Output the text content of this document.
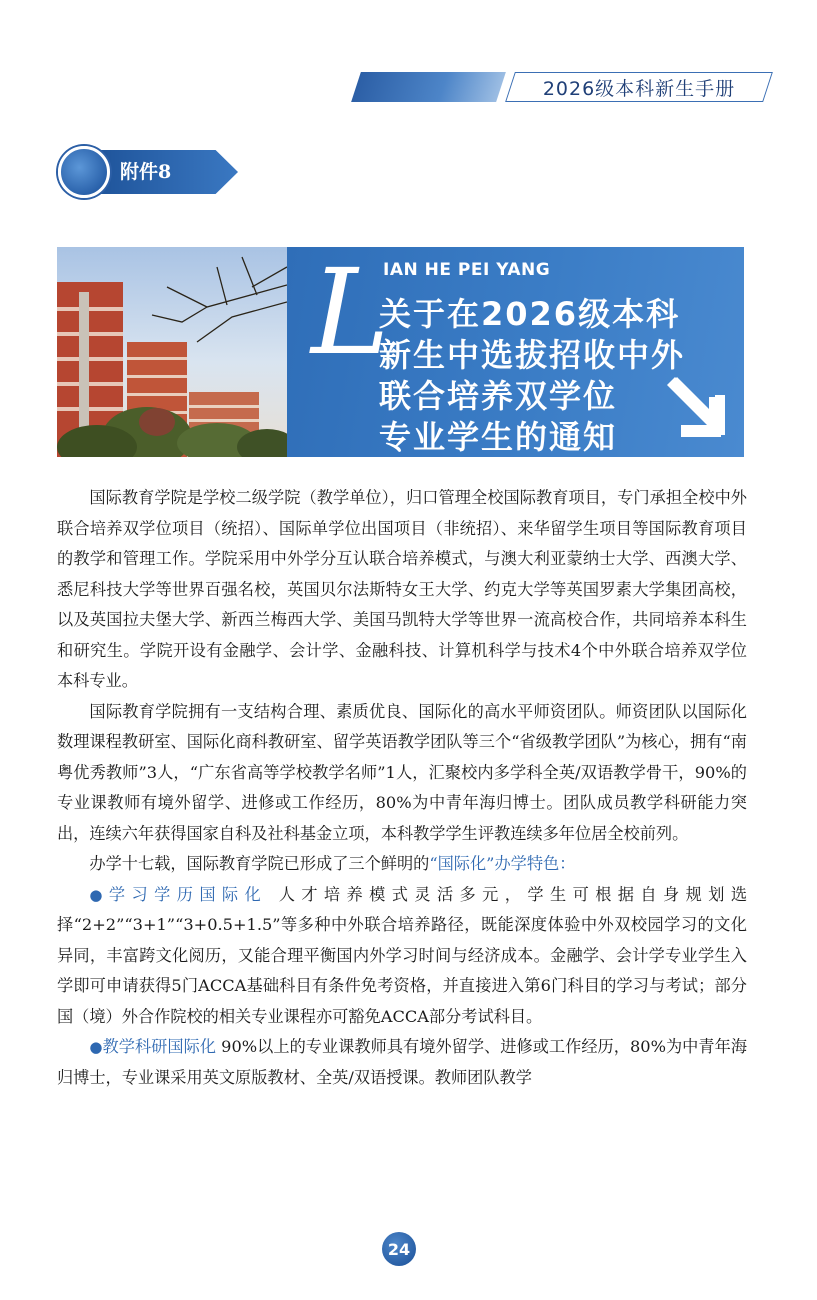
2026级本科新生手册
附件8
L
IAN HE PEI YANG
关于在2026级本科
新生中选拔招收中外
联合培养双学位
专业学生的通知

国际教育学院是学校二级学院（教学单位），归口管理全校国际教育项目，专门承担全校中外联合培养双学位项目（统招）、国际单学位出国项目（非统招）、来华留学生项目等国际教育项目的教学和管理工作。学院采用中外学分互认联合培养模式，与澳大利亚蒙纳士大学、西澳大学、悉尼科技大学等世界百强名校，英国贝尔法斯特女王大学、约克大学等英国罗素大学集团高校，以及英国拉夫堡大学、新西兰梅西大学、美国马凯特大学等世界一流高校合作，共同培养本科生和研究生。学院开设有金融学、会计学、金融科技、计算机科学与技术4个中外联合培养双学位本科专业。

国际教育学院拥有一支结构合理、素质优良、国际化的高水平师资团队。师资团队以国际化数理课程教研室、国际化商科教研室、留学英语教学团队等三个“省级教学团队”为核心，拥有“南粤优秀教师”3人，“广东省高等学校教学名师”1人，汇聚校内多学科全英/双语教学骨干，90%的专业课教师有境外留学、进修或工作经历，80%为中青年海归博士。团队成员教学科研能力突出，连续六年获得国家自科及社科基金立项，本科教学学生评教连续多年位居全校前列。

办学十七载，国际教育学院已形成了三个鲜明的“国际化”办学特色：

●学习学历国际化 人才培养模式灵活多元，学生可根据自身规划选择“2+2”“3+1”“3+0.5+1.5”等多种中外联合培养路径，既能深度体验中外双校园学习的文化异同，丰富跨文化阅历，又能合理平衡国内外学习时间与经济成本。金融学、会计学专业学生入学即可申请获得5门ACCA基础科目有条件免考资格，并直接进入第6门科目的学习与考试；部分国（境）外合作院校的相关专业课程亦可豁免ACCA部分考试科目。

●教学科研国际化 90%以上的专业课教师具有境外留学、进修或工作经历，80%为中青年海归博士，专业课采用英文原版教材、全英/双语授课。教师团队教学

24
